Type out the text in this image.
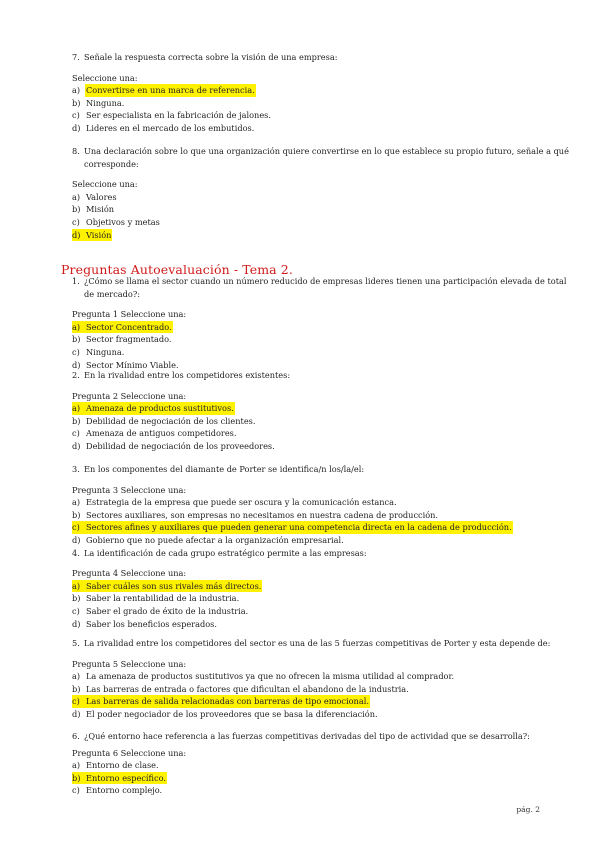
7. Señale la respuesta correcta sobre la visión de una empresa:
Seleccione una:
a) Convertirse en una marca de referencia.
b) Ninguna.
c) Ser especialista en la fabricación de jalones.
d) Lideres en el mercado de los embutidos.
8. Una declaración sobre lo que una organización quiere convertirse en lo que establece su propio futuro, señale a qué corresponde:
Seleccione una:
a) Valores
b) Misión
c) Objetivos y metas
d) Visión
Preguntas Autoevaluación - Tema 2.
1. ¿Cómo se llama el sector cuando un número reducido de empresas lideres tienen una participación elevada de total de mercado?:
Pregunta 1 Seleccione una:
a) Sector Concentrado.
b) Sector fragmentado.
c) Ninguna.
d) Sector Mínimo Viable.
2. En la rivalidad entre los competidores existentes:
Pregunta 2 Seleccione una:
a) Amenaza de productos sustitutivos.
b) Debilidad de negociación de los clientes.
c) Amenaza de antiguos competidores.
d) Debilidad de negociación de los proveedores.
3. En los componentes del diamante de Porter se identifica/n los/la/el:
Pregunta 3 Seleccione una:
a) Estrategia de la empresa que puede ser oscura y la comunicación estanca.
b) Sectores auxiliares, son empresas no necesitamos en nuestra cadena de producción.
c) Sectores afines y auxiliares que pueden generar una competencia directa en la cadena de producción.
d) Gobierno que no puede afectar a la organización empresarial.
4. La identificación de cada grupo estratégico permite a las empresas:
Pregunta 4 Seleccione una:
a) Saber cuáles son sus rivales más directos.
b) Saber la rentabilidad de la industria.
c) Saber el grado de éxito de la industria.
d) Saber los beneficios esperados.
5. La rivalidad entre los competidores del sector es una de las 5 fuerzas competitivas de Porter y esta depende de:
Pregunta 5 Seleccione una:
a) La amenaza de productos sustitutivos ya que no ofrecen la misma utilidad al comprador.
b) Las barreras de entrada o factores que dificultan el abandono de la industria.
c) Las barreras de salida relacionadas con barreras de tipo emocional.
d) El poder negociador de los proveedores que se basa la diferenciación.
6. ¿Qué entorno hace referencia a las fuerzas competitivas derivadas del tipo de actividad que se desarrolla?:
Pregunta 6 Seleccione una:
a) Entorno de clase.
b) Entorno específico.
c) Entorno complejo.
pág. 2
